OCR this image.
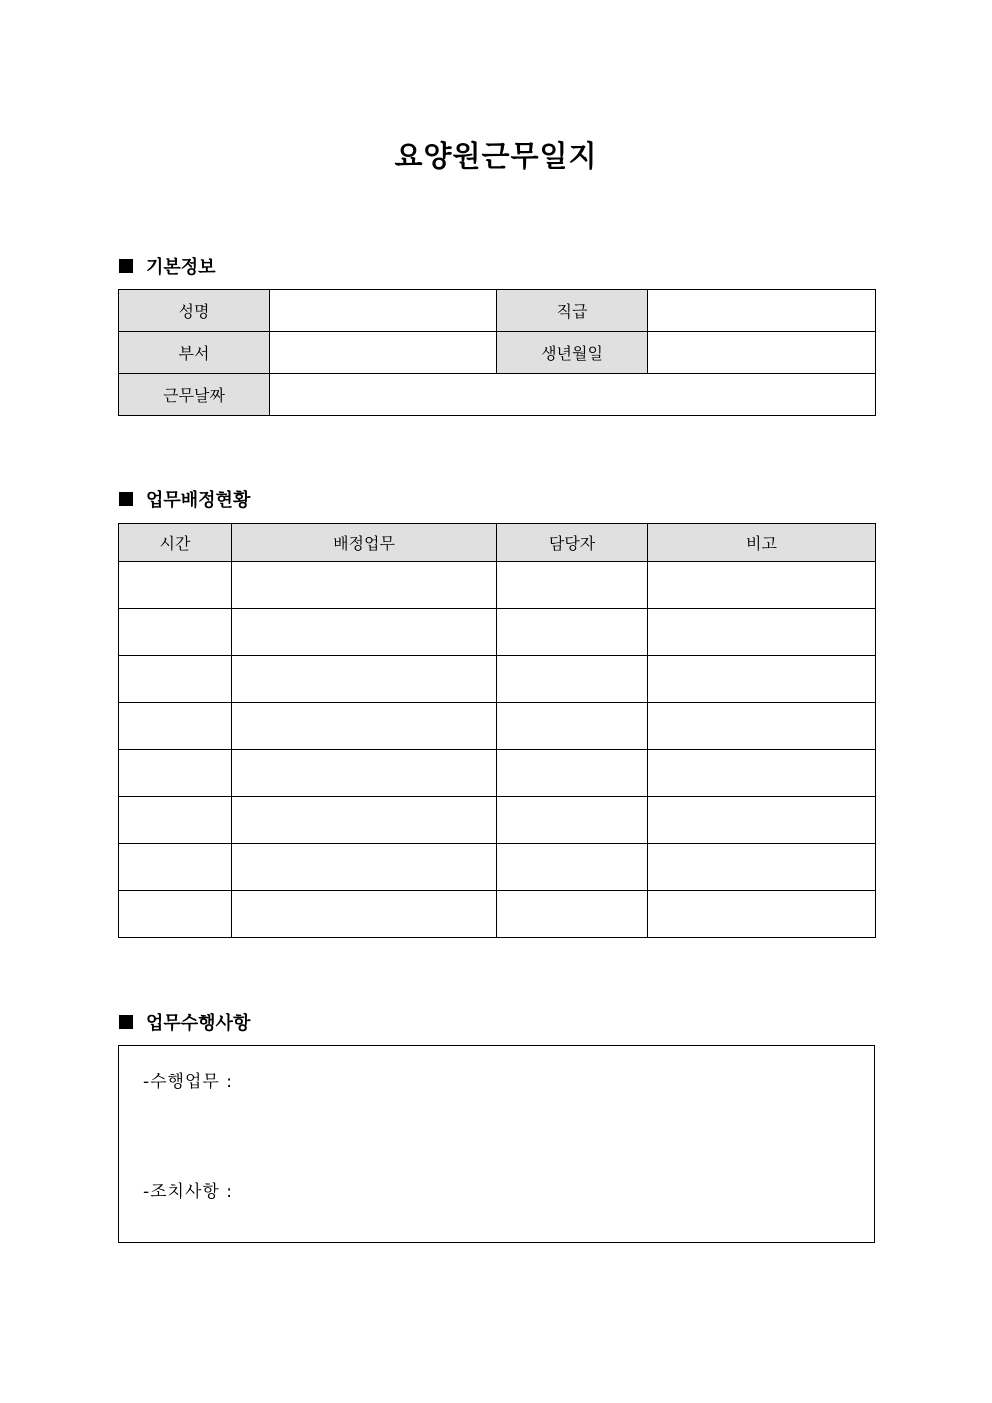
요양원근무일지
기본정보
성명		직급	
부서		생년월일	
근무날짜			
업무배정현황
시간	배정업무	담당자	비고

업무수행사항
-수행업무 :
-조치사항 :
